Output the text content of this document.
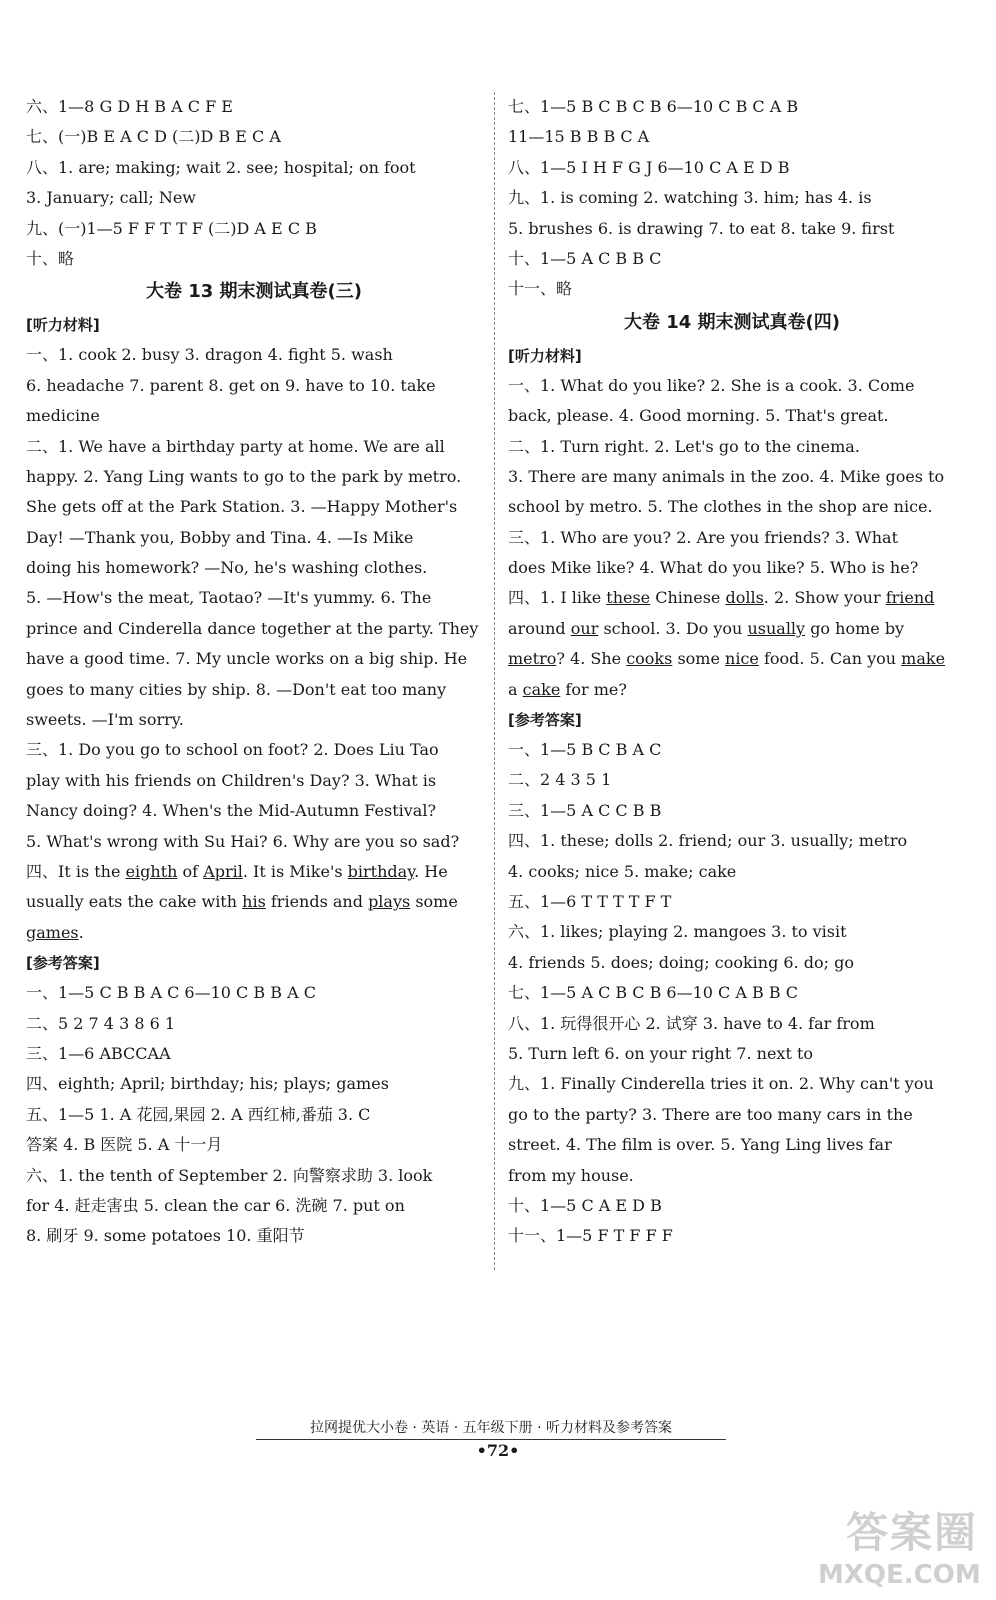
六、1—8 G D H B A C F E
七、(一)B E A C D (二)D B E C A
八、1. are; making; wait 2. see; hospital; on foot
3. January; call; New
九、(一)1—5 F F T T F (二)D A E C B
十、略
大卷 13 期末测试真卷(三)
[听力材料]
一、1. cook 2. busy 3. dragon 4. fight 5. wash
6. headache 7. parent 8. get on 9. have to 10. take
medicine
二、1. We have a birthday party at home. We are all
happy. 2. Yang Ling wants to go to the park by metro.
She gets off at the Park Station. 3. —Happy Mother's
Day! —Thank you, Bobby and Tina. 4. —Is Mike
doing his homework? —No, he's washing clothes.
5. —How's the meat, Taotao? —It's yummy. 6. The
prince and Cinderella dance together at the party. They
have a good time. 7. My uncle works on a big ship. He
goes to many cities by ship. 8. —Don't eat too many
sweets. —I'm sorry.
三、1. Do you go to school on foot? 2. Does Liu Tao
play with his friends on Children's Day? 3. What is
Nancy doing? 4. When's the Mid-Autumn Festival?
5. What's wrong with Su Hai? 6. Why are you so sad?
四、It is the eighth of April. It is Mike's birthday. He
usually eats the cake with his friends and plays some
games.
[参考答案]
一、1—5 C B B A C 6—10 C B B A C
二、5 2 7 4 3 8 6 1
三、1—6 ABCCAA
四、eighth; April; birthday; his; plays; games
五、1—5 1. A 花园,果园 2. A 西红柿,番茄 3. C
答案 4. B 医院 5. A 十一月
六、1. the tenth of September 2. 向警察求助 3. look
for 4. 赶走害虫 5. clean the car 6. 洗碗 7. put on
8. 刷牙 9. some potatoes 10. 重阳节
七、1—5 B C B C B 6—10 C B C A B
11—15 B B B C A
八、1—5 I H F G J 6—10 C A E D B
九、1. is coming 2. watching 3. him; has 4. is
5. brushes 6. is drawing 7. to eat 8. take 9. first
十、1—5 A C B B C
十一、略
大卷 14 期末测试真卷(四)
[听力材料]
一、1. What do you like? 2. She is a cook. 3. Come
back, please. 4. Good morning. 5. That's great.
二、1. Turn right. 2. Let's go to the cinema.
3. There are many animals in the zoo. 4. Mike goes to
school by metro. 5. The clothes in the shop are nice.
三、1. Who are you? 2. Are you friends? 3. What
does Mike like? 4. What do you like? 5. Who is he?
四、1. I like these Chinese dolls. 2. Show your friend
around our school. 3. Do you usually go home by
metro? 4. She cooks some nice food. 5. Can you make
a cake for me?
[参考答案]
一、1—5 B C B A C
二、2 4 3 5 1
三、1—5 A C C B B
四、1. these; dolls 2. friend; our 3. usually; metro
4. cooks; nice 5. make; cake
五、1—6 T T T T F T
六、1. likes; playing 2. mangoes 3. to visit
4. friends 5. does; doing; cooking 6. do; go
七、1—5 A C B C B 6—10 C A B B C
八、1. 玩得很开心 2. 试穿 3. have to 4. far from
5. Turn left 6. on your right 7. next to
九、1. Finally Cinderella tries it on. 2. Why can't you
go to the party? 3. There are too many cars in the
street. 4. The film is over. 5. Yang Ling lives far
from my house.
十、1—5 C A E D B
十一、1—5 F T F F F
拉网提优大小卷 · 英语 · 五年级下册 · 听力材料及参考答案
•72•
答案圈
MXQE.COM
